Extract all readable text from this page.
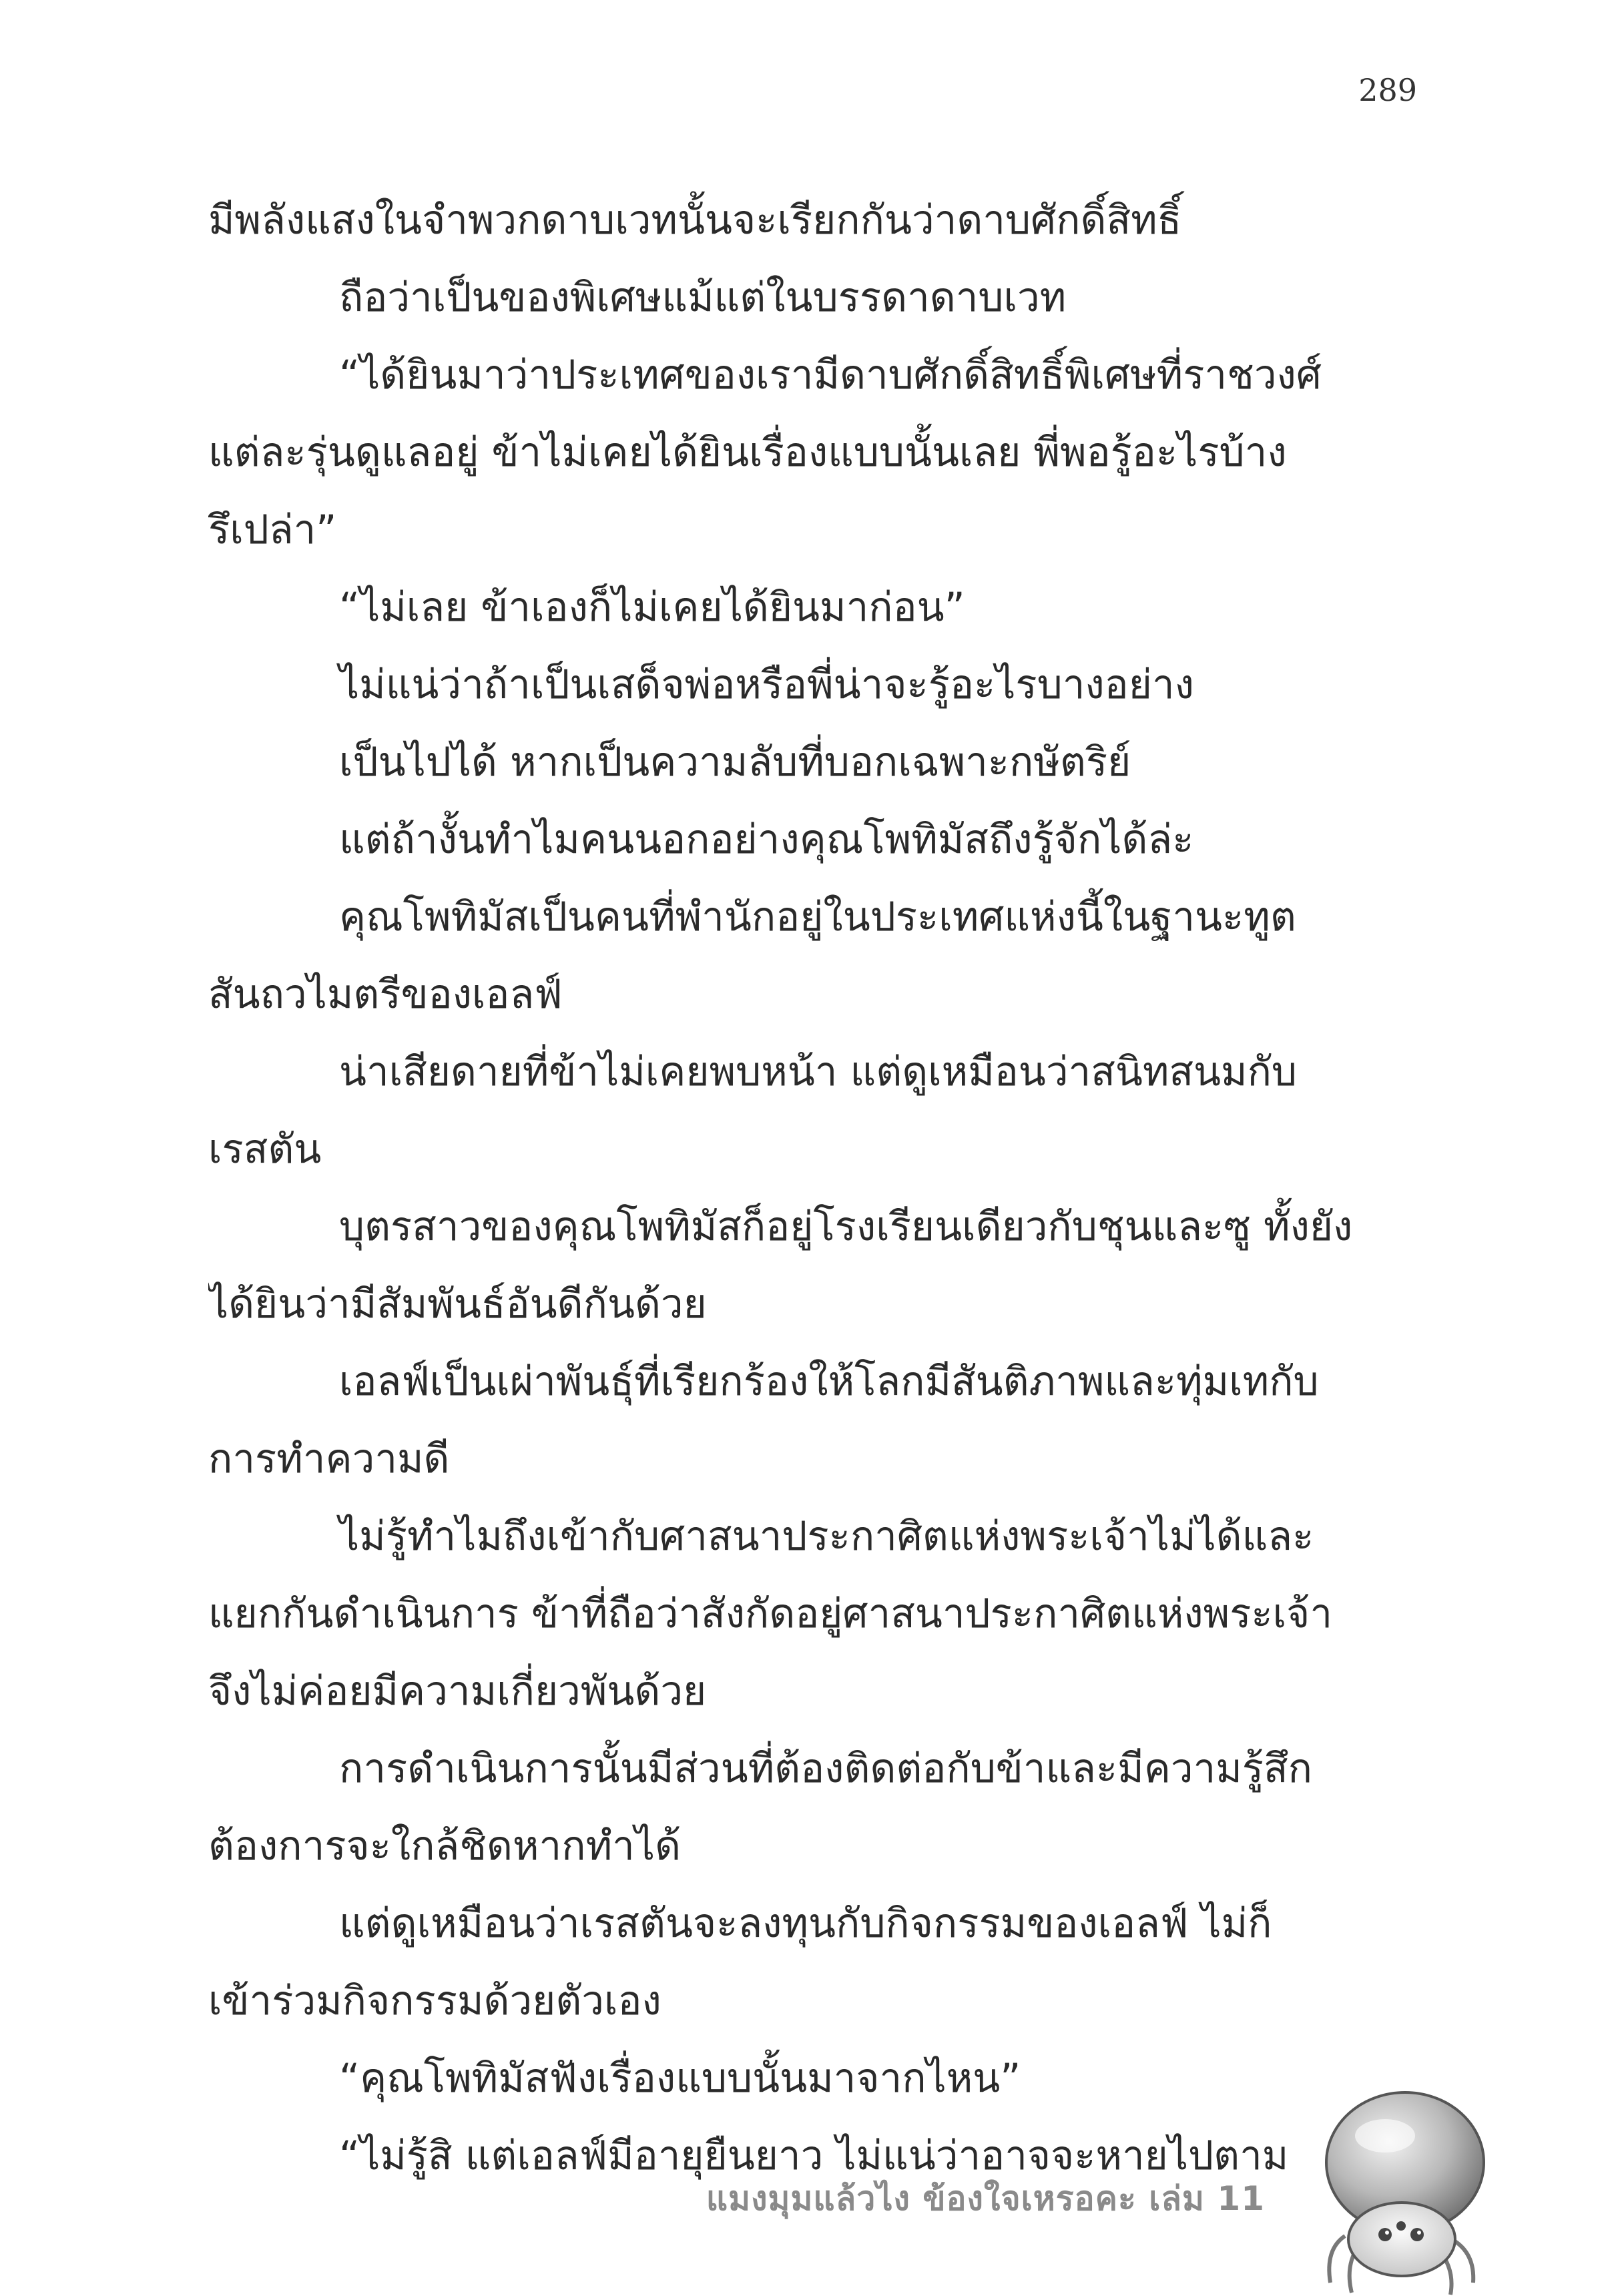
289
มีพลังแสงในจำพวกดาบเวทนั้นจะเรียกกันว่าดาบศักดิ์สิทธิ์
ถือว่าเป็นของพิเศษแม้แต่ในบรรดาดาบเวท
“ได้ยินมาว่าประเทศของเรามีดาบศักดิ์สิทธิ์พิเศษที่ราชวงศ์
แต่ละรุ่นดูแลอยู่ ข้าไม่เคยได้ยินเรื่องแบบนั้นเลย พี่พอรู้อะไรบ้าง
รึเปล่า”
“ไม่เลย ข้าเองก็ไม่เคยได้ยินมาก่อน”
ไม่แน่ว่าถ้าเป็นเสด็จพ่อหรือพี่น่าจะรู้อะไรบางอย่าง
เป็นไปได้ หากเป็นความลับที่บอกเฉพาะกษัตริย์
แต่ถ้างั้นทำไมคนนอกอย่างคุณโพทิมัสถึงรู้จักได้ล่ะ
คุณโพทิมัสเป็นคนที่พำนักอยู่ในประเทศแห่งนี้ในฐานะทูต
สันถวไมตรีของเอลฟ์
น่าเสียดายที่ข้าไม่เคยพบหน้า แต่ดูเหมือนว่าสนิทสนมกับ
เรสตัน
บุตรสาวของคุณโพทิมัสก็อยู่โรงเรียนเดียวกับชุนและซู ทั้งยัง
ได้ยินว่ามีสัมพันธ์อันดีกันด้วย
เอลฟ์เป็นเผ่าพันธุ์ที่เรียกร้องให้โลกมีสันติภาพและทุ่มเทกับ
การทำความดี
ไม่รู้ทำไมถึงเข้ากับศาสนาประกาศิตแห่งพระเจ้าไม่ได้และ
แยกกันดำเนินการ ข้าที่ถือว่าสังกัดอยู่ศาสนาประกาศิตแห่งพระเจ้า
จึงไม่ค่อยมีความเกี่ยวพันด้วย
การดำเนินการนั้นมีส่วนที่ต้องติดต่อกับข้าและมีความรู้สึก
ต้องการจะใกล้ชิดหากทำได้
แต่ดูเหมือนว่าเรสตันจะลงทุนกับกิจกรรมของเอลฟ์ ไม่ก็
เข้าร่วมกิจกรรมด้วยตัวเอง
“คุณโพทิมัสฟังเรื่องแบบนั้นมาจากไหน”
“ไม่รู้สิ แต่เอลฟ์มีอายุยืนยาว ไม่แน่ว่าอาจจะหายไปตาม
แมงมุมแล้วไง ข้องใจเหรอคะ เล่ม 11
